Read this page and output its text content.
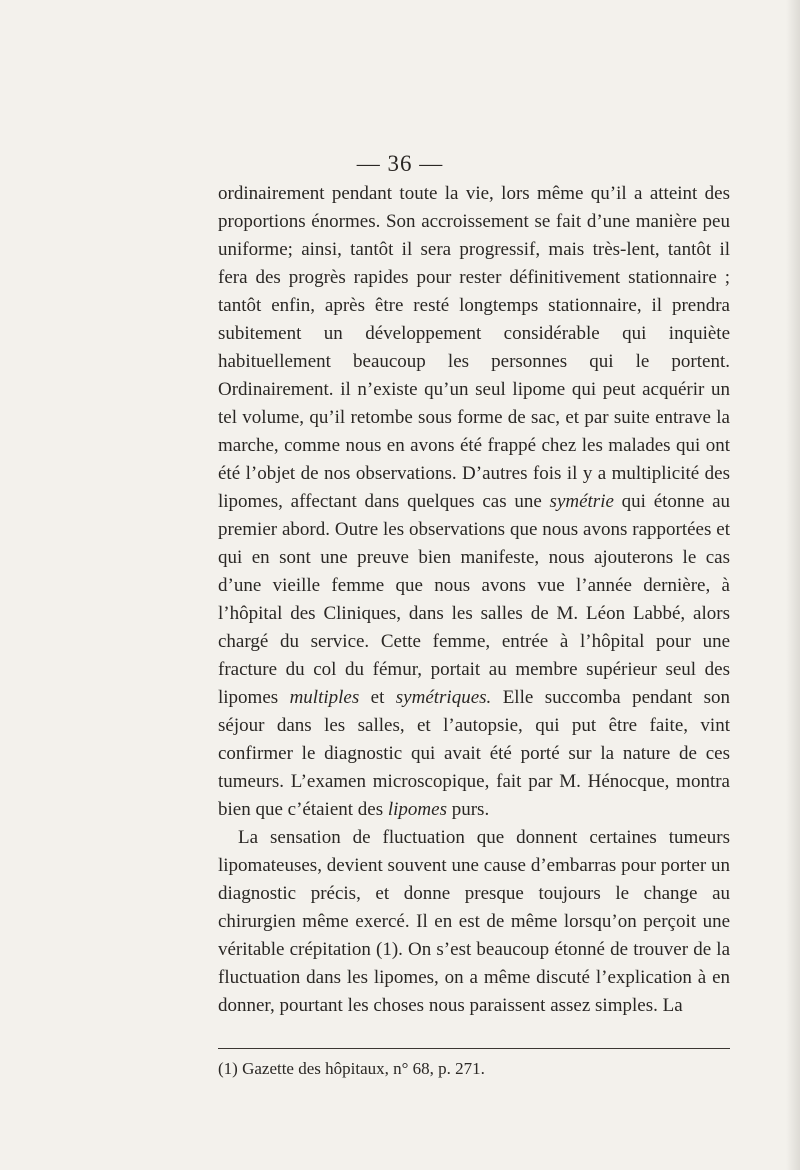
— 36 —

ordinairement pendant toute la vie, lors même qu’il a atteint des proportions énormes. Son accroissement se fait d’une manière peu uniforme; ainsi, tantôt il sera progressif, mais très-lent, tantôt il fera des progrès rapides pour rester définitivement stationnaire ; tantôt enfin, après être resté longtemps stationnaire, il prendra subitement un développement considérable qui inquiète habituellement beaucoup les personnes qui le portent. Ordinairement. il n’existe qu’un seul lipome qui peut acquérir un tel volume, qu’il retombe sous forme de sac, et par suite entrave la marche, comme nous en avons été frappé chez les malades qui ont été l’objet de nos observations. D’autres fois il y a multiplicité des lipomes, affectant dans quelques cas une symétrie qui étonne au premier abord. Outre les observations que nous avons rapportées et qui en sont une preuve bien manifeste, nous ajouterons le cas d’une vieille femme que nous avons vue l’année dernière, à l’hôpital des Cliniques, dans les salles de M. Léon Labbé, alors chargé du service. Cette femme, entrée à l’hôpital pour une fracture du col du fémur, portait au membre supérieur seul des lipomes multiples et symétriques. Elle succomba pendant son séjour dans les salles, et l’autopsie, qui put être faite, vint confirmer le diagnostic qui avait été porté sur la nature de ces tumeurs. L’examen microscopique, fait par M. Hénocque, montra bien que c’étaient des lipomes purs.

La sensation de fluctuation que donnent certaines tumeurs lipomateuses, devient souvent une cause d’embarras pour porter un diagnostic précis, et donne presque toujours le change au chirurgien même exercé. Il en est de même lorsqu’on perçoit une véritable crépitation (1). On s’est beaucoup étonné de trouver de la fluctuation dans les lipomes, on a même discuté l’explication à en donner, pourtant les choses nous paraissent assez simples. La

(1) Gazette des hôpitaux, n° 68, p. 271.
